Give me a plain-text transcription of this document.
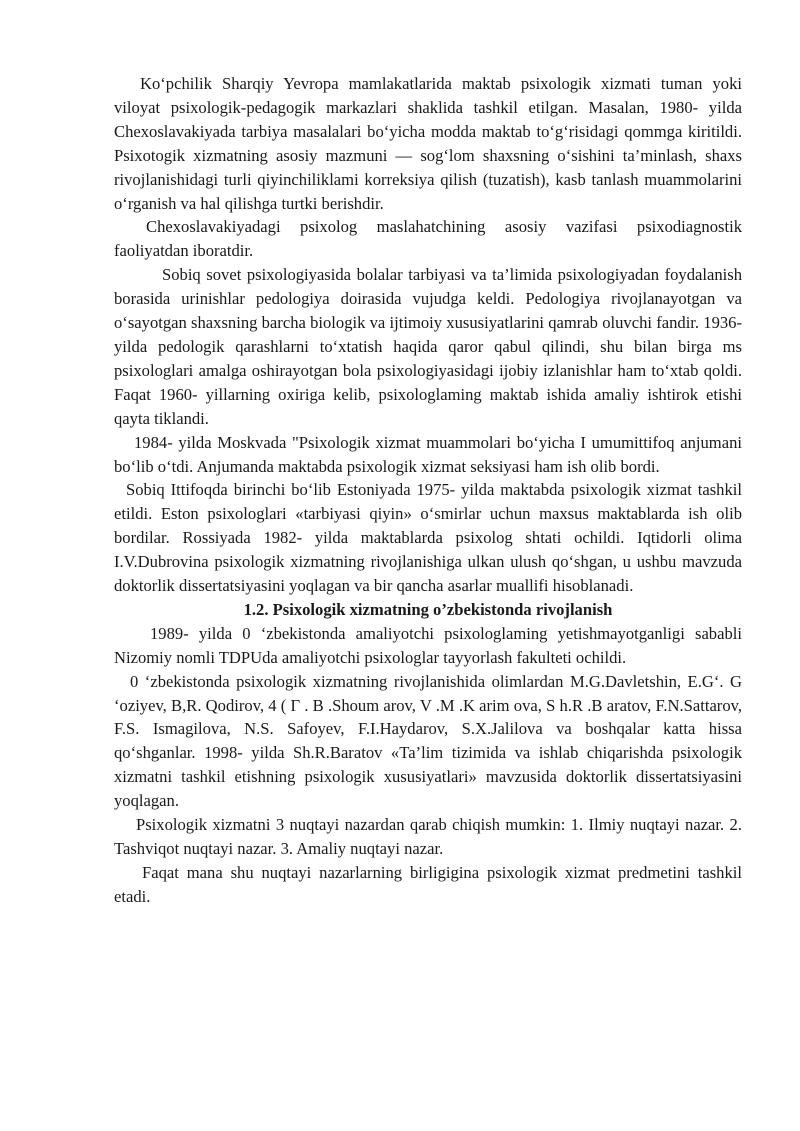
Ko‘pchilik Sharqiy Yevropa mamlakatlarida maktab psixologik xizmati tuman yoki viloyat psixologik-pedagogik markazlari shaklida tashkil etilgan. Masalan, 1980- yilda Chexoslavakiyada tarbiya masalalari bo‘yicha modda maktab to‘g‘risidagi qommga kiritildi. Psixotogik xizmatning asosiy mazmuni — sog‘lom shaxsning o‘sishini ta’minlash, shaxs rivojlanishidagi turli qiyinchiliklami korreksiya qilish (tuzatish), kasb tanlash muammolarini o‘rganish va hal qilishga turtki berishdir.

Chexoslavakiyadagi psixolog maslahatchining asosiy vazifasi psixodiagnostik faoliyatdan iboratdir.

Sobiq sovet psixologiyasida bolalar tarbiyasi va ta’limida psixologiyadan foydalanish borasida urinishlar pedologiya doirasida vujudga keldi. Pedologiya rivojlanayotgan va o‘sayotgan shaxsning barcha biologik va ijtimoiy xususiyatlarini qamrab oluvchi fandir. 1936- yilda pedologik qarashlarni to‘xtatish haqida qaror qabul qilindi, shu bilan birga ms psixologlari amalga oshirayotgan bola psixologiyasidagi ijobiy izlanishlar ham to‘xtab qoldi. Faqat 1960- yillarning oxiriga kelib, psixologlaming maktab ishida amaliy ishtirok etishi qayta tiklandi.

1984- yilda Moskvada "Psixologik xizmat muammolari bo‘yicha I umumittifoq anjumani bo‘lib o‘tdi. Anjumanda maktabda psixologik xizmat seksiyasi ham ish olib bordi.

Sobiq Ittifoqda birinchi bo‘lib Estoniyada 1975- yilda maktabda psixologik xizmat tashkil etildi. Eston psixologlari «tarbiyasi qiyin» o‘smirlar uchun maxsus maktablarda ish olib bordilar. Rossiyada 1982- yilda maktablarda psixolog shtati ochildi. Iqtidorli olima I.V.Dubrovina psixologik xizmatning rivojlanishiga ulkan ulush qo‘shgan, u ushbu mavzuda doktorlik dissertatsiyasini yoqlagan va bir qancha asarlar muallifi hisoblanadi.

1.2. Psixologik xizmatning o’zbekistonda rivojlanish

1989- yilda 0 ‘zbekistonda amaliyotchi psixologlaming yetishmayotganligi sababli Nizomiy nomli TDPUda amaliyotchi psixologlar tayyorlash fakulteti ochildi.

0 ‘zbekistonda psixologik xizmatning rivojlanishida olimlardan M.G.Davletshin, E.G‘. G ‘oziyev, B,R. Qodirov, 4 ( Г . B .Shoum arov, V .M .K arim ova, S h.R .B aratov, F.N.Sattarov, F.S. Ismagilova, N.S. Safoyev, F.I.Haydarov, S.X.Jalilova va boshqalar katta hissa qo‘shganlar. 1998- yilda Sh.R.Baratov «Ta’lim tizimida va ishlab chiqarishda psixologik xizmatni tashkil etishning psixologik xususiyatlari» mavzusida doktorlik dissertatsiyasini yoqlagan.

Psixologik xizmatni 3 nuqtayi nazardan qarab chiqish mumkin: 1. Ilmiy nuqtayi nazar. 2. Tashviqot nuqtayi nazar. 3. Amaliy nuqtayi nazar.

Faqat mana shu nuqtayi nazarlarning birligigina psixologik xizmat predmetini tashkil etadi.
